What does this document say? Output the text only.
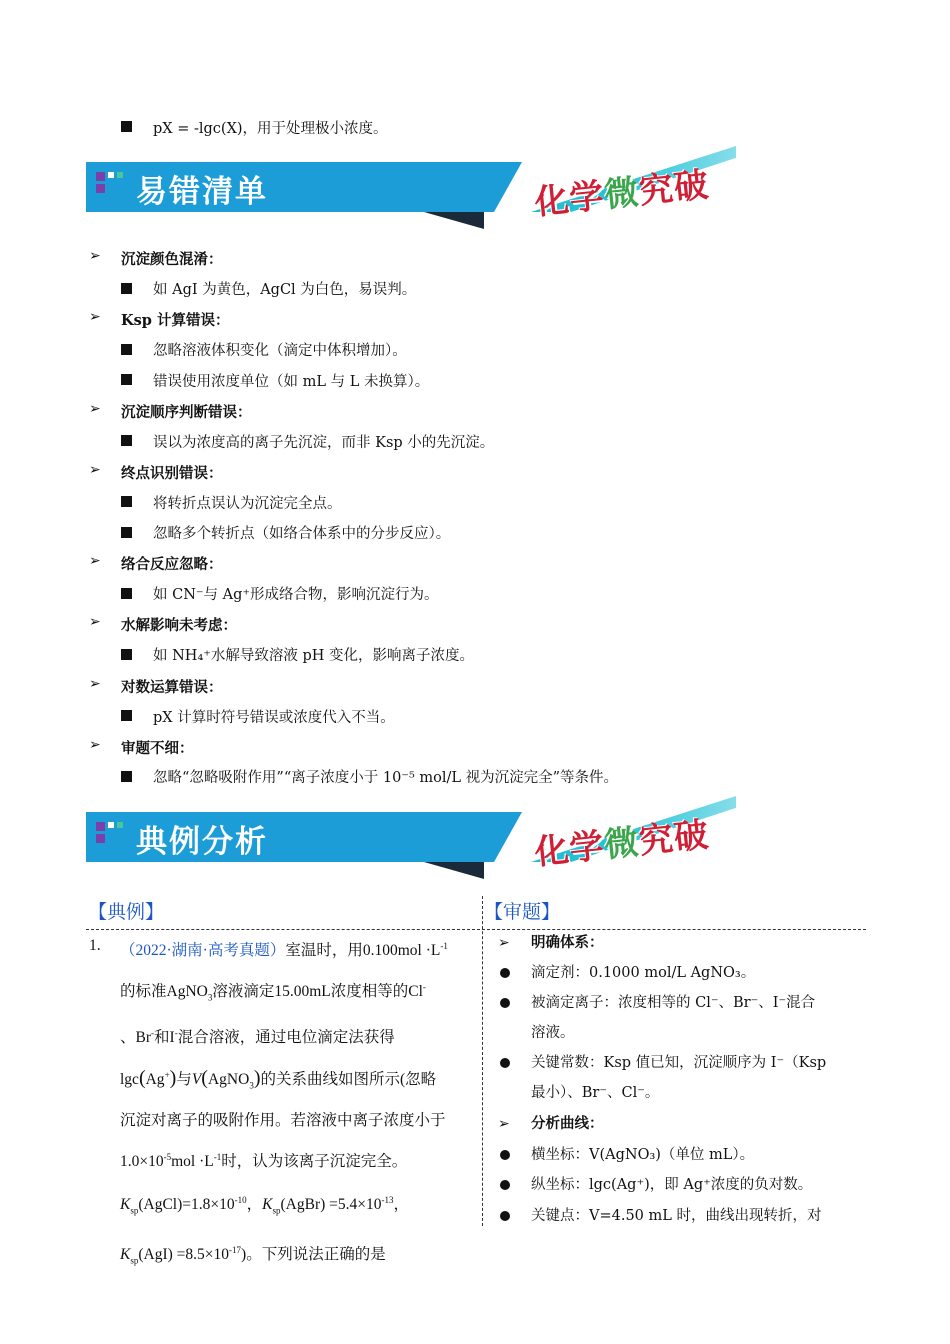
pX = -lgc(X)，用于处理极小浓度。
易错清单
chemistry
化学微究破
➢ 沉淀颜色混淆：
如 AgI 为黄色，AgCl 为白色，易误判。
➢ Ksp 计算错误：
忽略溶液体积变化（滴定中体积增加）。
错误使用浓度单位（如 mL 与 L 未换算）。
➢ 沉淀顺序判断错误：
误以为浓度高的离子先沉淀，而非 Ksp 小的先沉淀。
➢ 终点识别错误：
将转折点误认为沉淀完全点。
忽略多个转折点（如络合体系中的分步反应）。
➢ 络合反应忽略：
如 CN⁻与 Ag⁺形成络合物，影响沉淀行为。
➢ 水解影响未考虑：
如 NH₄⁺水解导致溶液 pH 变化，影响离子浓度。
➢ 对数运算错误：
pX 计算时符号错误或浓度代入不当。
➢ 审题不细：
忽略“忽略吸附作用”“离子浓度小于 10⁻⁵ mol/L 视为沉淀完全”等条件。
典例分析
chemistry
化学微究破
【典例】	【审题】
1. （2022·湖南·高考真题）室温时，用$0.100mol \cdot L^{-1}$
的标准AgNO$_3$溶液滴定15.00mL浓度相等的Cl-
、Br-和I-混合溶液，通过电位滴定法获得
lgc(Ag+)与V(AgNO$_3$)的关系曲线如图所示(忽略
沉淀对离子的吸附作用。若溶液中离子浓度小于
$1.0\times 10^{-5}mol \cdot L^{-1}$时，认为该离子沉淀完全。
$K_{sp}(AgCl)=1.8\times 10^{-10}$，$K_{sp}(AgBr) =5.4\times 10^{-13}$，
$K_{sp}(AgI) =8.5\times 10^{-17}$)。下列说法正确的是
➢ 明确体系：
滴定剂：0.1000 mol/L AgNO₃。
被滴定离子：浓度相等的 Cl⁻、Br⁻、I⁻混合
溶液。
关键常数：Ksp 值已知，沉淀顺序为 I⁻（Ksp
最小）、Br⁻、Cl⁻。
➢ 分析曲线：
横坐标：V(AgNO₃)（单位 mL）。
纵坐标：lgc(Ag⁺)，即 Ag⁺浓度的负对数。
关键点：V=4.50 mL 时，曲线出现转折，对
